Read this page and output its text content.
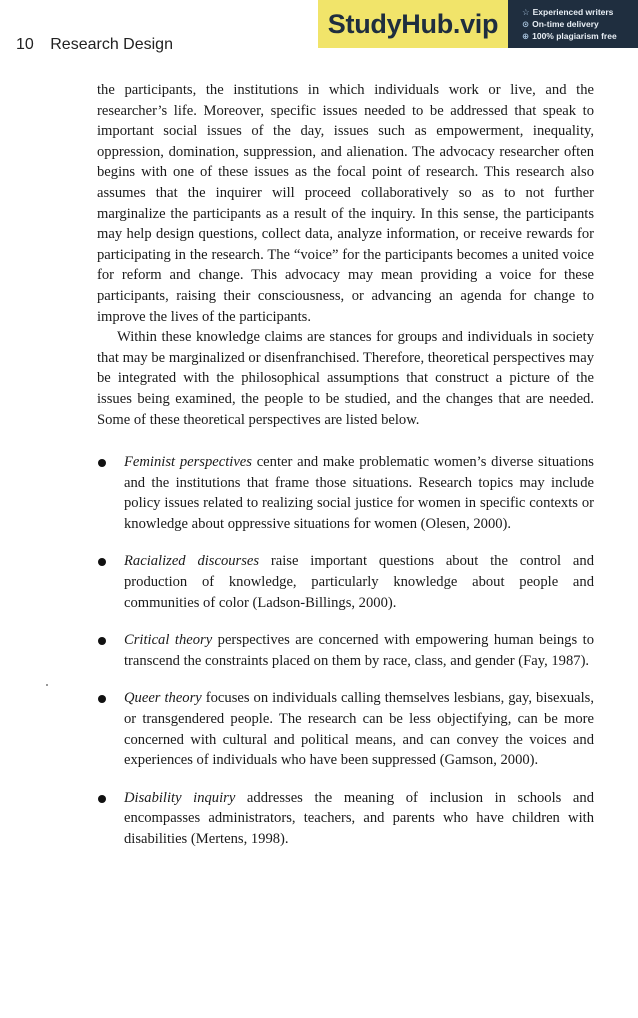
10 Research Design
StudyHub.vip	☆ Experienced writers
⊙ On-time delivery
⊕ 100% plagiarism free

the participants, the institutions in which individuals work or live, and the researcher’s life. Moreover, specific issues needed to be addressed that speak to important social issues of the day, issues such as empowerment, inequality, oppression, domination, suppression, and alienation. The advocacy researcher often begins with one of these issues as the focal point of research. This research also assumes that the inquirer will proceed collaboratively so as to not further marginalize the participants as a result of the inquiry. In this sense, the participants may help design questions, collect data, analyze information, or receive rewards for participating in the research. The “voice” for the participants becomes a united voice for reform and change. This advocacy may mean providing a voice for these participants, raising their consciousness, or advancing an agenda for change to improve the lives of the participants.

Within these knowledge claims are stances for groups and individuals in society that may be marginalized or disenfranchised. Therefore, theoretical perspectives may be integrated with the philosophical assumptions that construct a picture of the issues being examined, the people to be studied, and the changes that are needed. Some of these theoretical perspectives are listed below.

Feminist perspectives center and make problematic women’s diverse situations and the institutions that frame those situations. Research topics may include policy issues related to realizing social justice for women in specific contexts or knowledge about oppressive situations for women (Olesen, 2000).
Racialized discourses raise important questions about the control and production of knowledge, particularly knowledge about people and communities of color (Ladson-Billings, 2000).
Critical theory perspectives are concerned with empowering human beings to transcend the constraints placed on them by race, class, and gender (Fay, 1987).
Queer theory focuses on individuals calling themselves lesbians, gay, bisexuals, or transgendered people. The research can be less objectifying, can be more concerned with cultural and political means, and can convey the voices and experiences of individuals who have been suppressed (Gamson, 2000).
Disability inquiry addresses the meaning of inclusion in schools and encompasses administrators, teachers, and parents who have children with disabilities (Mertens, 1998).
